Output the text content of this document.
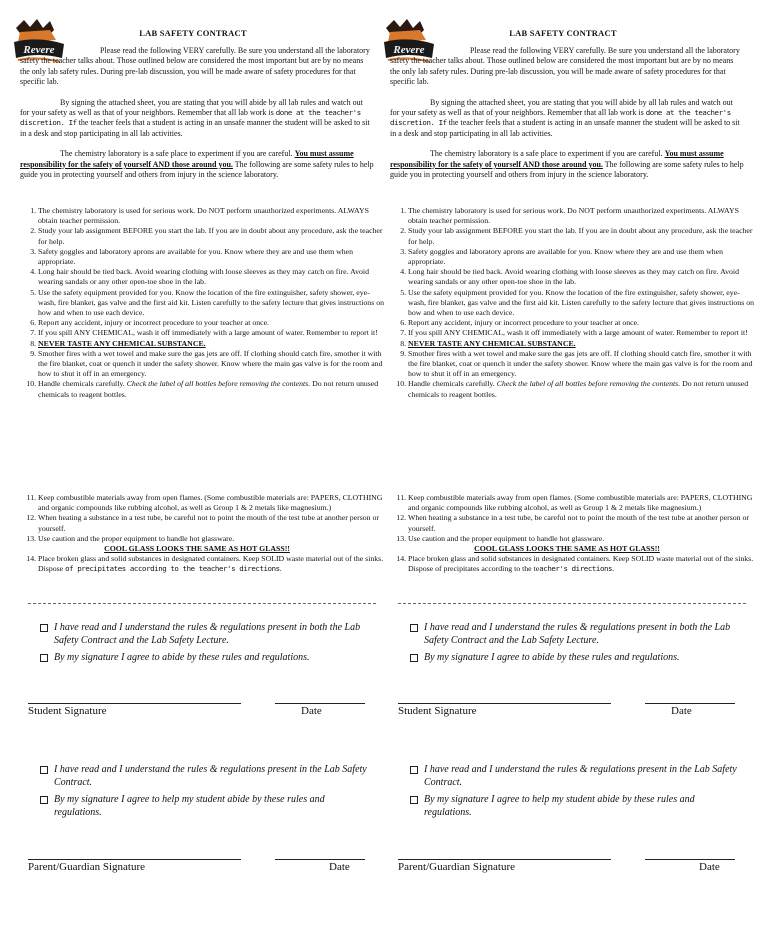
Revere
LAB SAFETY CONTRACT

Please read the following VERY carefully. Be sure you understand all the laboratory safety the teacher talks about. Those outlined below are considered the most important but are by no means the only lab safety rules. During pre-lab discussion, you will be made aware of safety procedures for that specific lab.

By signing the attached sheet, you are stating that you will abide by all lab rules and watch out for your safety as well as that of your neighbors. Remember that all lab work is done at the teacher's discretion. If the teacher feels that a student is acting in an unsafe manner the student will be asked to sit in a desk and stop participating in all lab activities.

The chemistry laboratory is a safe place to experiment if you are careful. You must assume responsibility for the safety of yourself AND those around you. The following are some safety rules to help guide you in protecting yourself and others from injury in the science laboratory.

1. The chemistry laboratory is used for serious work. Do NOT perform unauthorized experiments. ALWAYS obtain teacher permission.
2. Study your lab assignment BEFORE you start the lab. If you are in doubt about any procedure, ask the teacher for help.
3. Safety goggles and laboratory aprons are available for you. Know where they are and use them when appropriate.
4. Long hair should be tied back. Avoid wearing clothing with loose sleeves as they may catch on fire. Avoid wearing sandals or any other open-toe shoe in the lab.
5. Use the safety equipment provided for you. Know the location of the fire extinguisher, safety shower, eye-wash, fire blanket, gas valve and the first aid kit. Listen carefully to the safety lecture that gives instructions on how and when to use each device.
6. Report any accident, injury or incorrect procedure to your teacher at once.
7. If you spill ANY CHEMICAL, wash it off immediately with a large amount of water. Remember to report it!
8. NEVER TASTE ANY CHEMICAL SUBSTANCE.
9. Smother fires with a wet towel and make sure the gas jets are off. If clothing should catch fire, smother it with the fire blanket, coat or quench it under the safety shower. Know where the main gas valve is for the room and how to shut it off in an emergency.
10. Handle chemicals carefully. Check the label of all bottles before removing the contents. Do not return unused chemicals to reagent bottles.
11. Keep combustible materials away from open flames. (Some combustible materials are: PAPERS, CLOTHING and organic compounds like rubbing alcohol, as well as Group 1 & 2 metals like magnesium.)
12. When heating a substance in a test tube, be careful not to point the mouth of the test tube at another person or yourself.
13. Use caution and the proper equipment to handle hot glassware.
COOL GLASS LOOKS THE SAME AS HOT GLASS!!
14. Place broken glass and solid substances in designated containers. Keep SOLID waste material out of the sinks. Dispose of precipitates according to the teacher's directions.
I have read and I understand the rules & regulations present in both the Lab Safety Contract and the Lab Safety Lecture.
By my signature I agree to abide by these rules and regulations.
Student Signature	Date
I have read and I understand the rules & regulations present in the Lab Safety Contract.
By my signature I agree to help my student abide by these rules and regulations.
Parent/Guardian Signature	Date
Revere
LAB SAFETY CONTRACT

Please read the following VERY carefully. Be sure you understand all the laboratory safety the teacher talks about. Those outlined below are considered the most important but are by no means the only lab safety rules. During pre-lab discussion, you will be made aware of safety procedures for that specific lab.

By signing the attached sheet, you are stating that you will abide by all lab rules and watch out for your safety as well as that of your neighbors. Remember that all lab work is done at the teacher's discretion. If the teacher feels that a student is acting in an unsafe manner the student will be asked to sit in a desk and stop participating in all lab activities.

The chemistry laboratory is a safe place to experiment if you are careful. You must assume responsibility for the safety of yourself AND those around you. The following are some safety rules to help guide you in protecting yourself and others from injury in the science laboratory.

1. The chemistry laboratory is used for serious work. Do NOT perform unauthorized experiments. ALWAYS obtain teacher permission.
2. Study your lab assignment BEFORE you start the lab. If you are in doubt about any procedure, ask the teacher for help.
3. Safety goggles and laboratory aprons are available for you. Know where they are and use them when appropriate.
4. Long hair should be tied back. Avoid wearing clothing with loose sleeves as they may catch on fire. Avoid wearing sandals or any other open-toe shoe in the lab.
5. Use the safety equipment provided for you. Know the location of the fire extinguisher, safety shower, eye-wash, fire blanket, gas valve and the first aid kit. Listen carefully to the safety lecture that gives instructions on how and when to use each device.
6. Report any accident, injury or incorrect procedure to your teacher at once.
7. If you spill ANY CHEMICAL, wash it off immediately with a large amount of water. Remember to report it!
8. NEVER TASTE ANY CHEMICAL SUBSTANCE.
9. Smother fires with a wet towel and make sure the gas jets are off. If clothing should catch fire, smother it with the fire blanket, coat or quench it under the safety shower. Know where the main gas valve is for the room and how to shut it off in an emergency.
10. Handle chemicals carefully. Check the label of all bottles before removing the contents. Do not return unused chemicals to reagent bottles.
11. Keep combustible materials away from open flames. (Some combustible materials are: PAPERS, CLOTHING and organic compounds like rubbing alcohol, as well as Group 1 & 2 metals like magnesium.)
12. When heating a substance in a test tube, be careful not to point the mouth of the test tube at another person or yourself.
13. Use caution and the proper equipment to handle hot glassware.
COOL GLASS LOOKS THE SAME AS HOT GLASS!!
14. Place broken glass and solid substances in designated containers. Keep SOLID waste material out of the sinks. Dispose of precipitates according to the teacher's directions.
I have read and I understand the rules & regulations present in both the Lab Safety Contract and the Lab Safety Lecture.
By my signature I agree to abide by these rules and regulations.
Student Signature	Date
I have read and I understand the rules & regulations present in the Lab Safety Contract.
By my signature I agree to help my student abide by these rules and regulations.
Parent/Guardian Signature	Date
